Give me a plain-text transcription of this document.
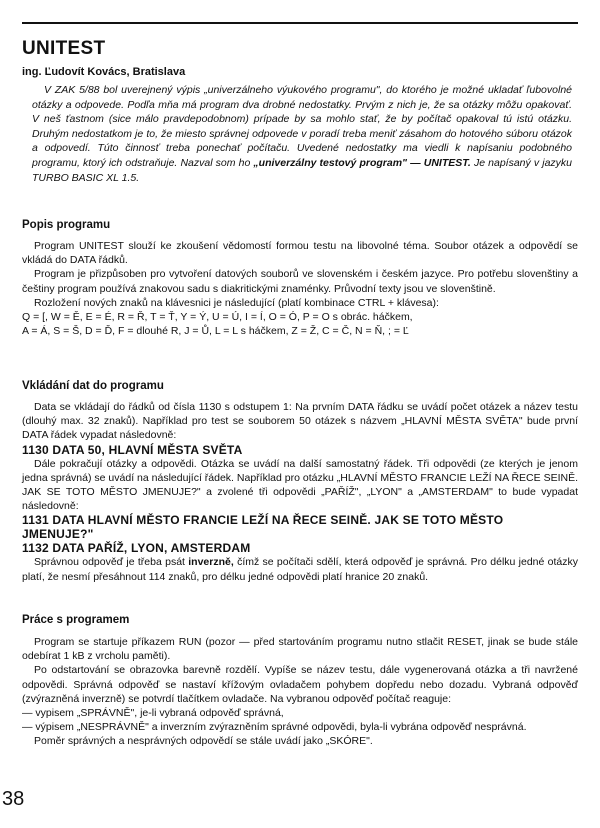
UNITEST
ing. Ľudovít Kovács, Bratislava
V ZAK 5/88 bol uverejnený výpis „univerzálneho výukového programu", do ktorého je možné ukladať ľubovolné otázky a odpovede. Podľa mňa má program dva drobné nedostatky. Prvým z nich je, že sa otázky môžu opakovať. V neš ťastnom (sice málo pravdepodobnom) prípade by sa mohlo stať, že by počítač opakoval tú istú otázku. Druhým nedostatkom je to, že miesto správnej odpovede v poradí treba meniť zásahom do hotového súboru otázok a odpovedí. Túto činnosť treba ponechať počítaču. Uvedené nedostatky ma viedli k napísaniu podobného programu, ktorý ich odstraňuje. Nazval som ho „univerzálny testový program" — UNITEST. Je napísaný v jazyku TURBO BASIC XL 1.5.
Popis programu

Program UNITEST slouží ke zkoušení vědomostí formou testu na libovolné téma. Soubor otázek a odpovědí se vkládá do DATA řádků.

Program je přizpůsoben pro vytvoření datových souborů ve slovenském i českém jazyce. Pro potřebu slovenštiny a češtiny program používá znakovou sadu s diakritickými znaménky. Průvodní texty jsou ve slovenštině.

Rozložení nových znaků na klávesnici je následující (platí kombinace CTRL + klávesa):

Q = [, W = Ě, E = É, R = Ř, T = Ť, Y = Ý, U = Ú, I = Í, O = Ó, P = O s obrác. háčkem,

A = Á, S = Š, D = Ď, F = dlouhé R, J = Ů, L = L s háčkem, Z = Ž, C = Č, N = Ň, ; = Ľ

Vkládání dat do programu

Data se vkládají do řádků od čísla 1130 s odstupem 1: Na prvním DATA řádku se uvádí počet otázek a název testu (dlouhý max. 32 znaků). Například pro test se souborem 50 otázek s názvem „HLAVNÍ MĚSTA SVĚTA" bude první DATA řádek vypadat následovně:

1130 DATA 50, HLAVNÍ MĚSTA SVĚTA

Dále pokračují otázky a odpovědi. Otázka se uvádí na další samostatný řádek. Tři odpovědi (ze kterých je jenom jedna správná) se uvádí na následující řádek. Například pro otázku „HLAVNÍ MĚSTO FRANCIE LEŽÍ NA ŘECE SEINĚ. JAK SE TOTO MĚSTO JMENUJE?" a zvolené tři odpovědi „PAŘÍŽ", „LYON" a „AMSTERDAM" to bude vypadat následovně:

1131 DATA HLAVNÍ MĚSTO FRANCIE LEŽÍ NA ŘECE SEINĚ. JAK SE TOTO MĚSTO

JMENUJE?"

1132 DATA PAŘÍŽ, LYON, AMSTERDAM

Správnou odpověď je třeba psát inverzně, čímž se počítači sdělí, která odpověď je správná. Pro délku jedné otázky platí, že nesmí přesáhnout 114 znaků, pro délku jedné odpovědi platí hranice 20 znaků.

Práce s programem

Program se startuje příkazem RUN (pozor — před startováním programu nutno stlačit RESET, jinak se bude stále odebírat 1 kB z vrcholu paměti).

Po odstartování se obrazovka barevně rozdělí. Vypíše se název testu, dále vygenerovaná otázka a tři navržené odpovědi. Správná odpověď se nastaví křížovým ovladačem pohybem dopředu nebo dozadu. Vybraná odpověď (zvýrazněná inverzně) se potvrdí tlačítkem ovladače. Na vybranou odpověď počítač reaguje:

— vypisem „SPRÁVNĚ", je-li vybraná odpověď správná,

— výpisem „NESPRÁVNĚ" a inverzním zvýrazněním správné odpovědi, byla-li vybrána odpověď nesprávná.

Poměr správných a nesprávných odpovědí se stále uvádí jako „SKÓRE".

38
